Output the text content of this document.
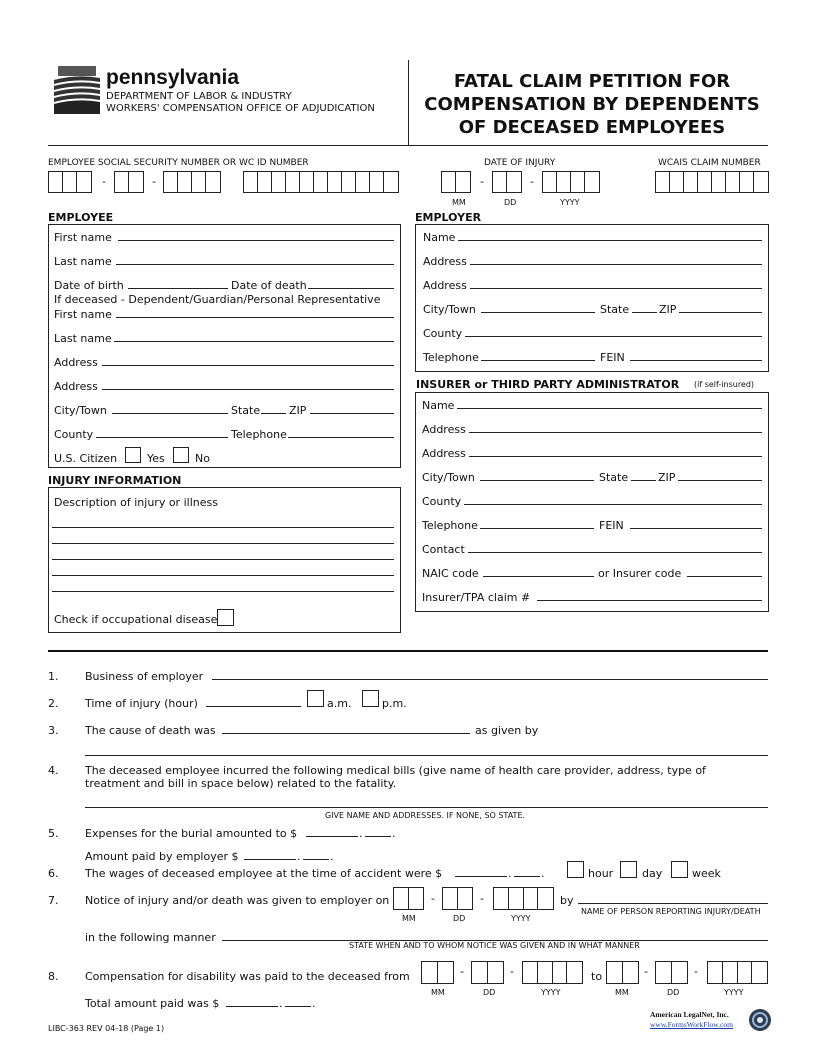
pennsylvania
DEPARTMENT OF LABOR & INDUSTRY
WORKERS' COMPENSATION OFFICE OF ADJUDICATION
FATAL CLAIM PETITION FOR
COMPENSATION BY DEPENDENTS
OF DECEASED EMPLOYEES
EMPLOYEE SOCIAL SECURITY NUMBER OR WC ID NUMBER
-	-
DATE OF INJURY
-	-
MM	DD	YYYY
WCAIS CLAIM NUMBER
EMPLOYEE
First name
Last name
Date of birth	Date of death
If deceased - Dependent/Guardian/Personal Representative
First name
Last name
Address
Address
City/Town	State	ZIP
County	Telephone
U.S. Citizen	Yes	No
INJURY INFORMATION
Description of injury or illness
Check if occupational disease
EMPLOYER
Name
Address
Address
City/Town	State	ZIP
County
Telephone	FEIN
INSURER or THIRD PARTY ADMINISTRATOR (if self-insured)
Name
Address
Address
City/Town	State	ZIP
County
Telephone	FEIN
Contact
NAIC code	or Insurer code
Insurer/TPA claim #
1. Business of employer
2. Time of injury (hour)	a.m.	p.m.
3. The cause of death was	as given by
4. The deceased employee incurred the following medical bills (give name of health care provider, address, type of
treatment and bill in space below) related to the fatality.
GIVE NAME AND ADDRESSES. IF NONE, SO STATE.
5. Expenses for the burial amounted to $	.	.
Amount paid by employer $	.	.
6. The wages of deceased employee at the time of accident were $	.	.	hour	day	week
7. Notice of injury and/or death was given to employer on	-	-
MM	DD	YYYY
by
NAME OF PERSON REPORTING INJURY/DEATH
in the following manner
STATE WHEN AND TO WHOM NOTICE WAS GIVEN AND IN WHAT MANNER
8. Compensation for disability was paid to the deceased from	-	-	to	-	-
MM	DD	YYYY	MM	DD	YYYY
Total amount paid was $	.	.
LIBC-363 REV 04-18 (Page 1)
American LegalNet, Inc.
www.FormsWorkFlow.com
